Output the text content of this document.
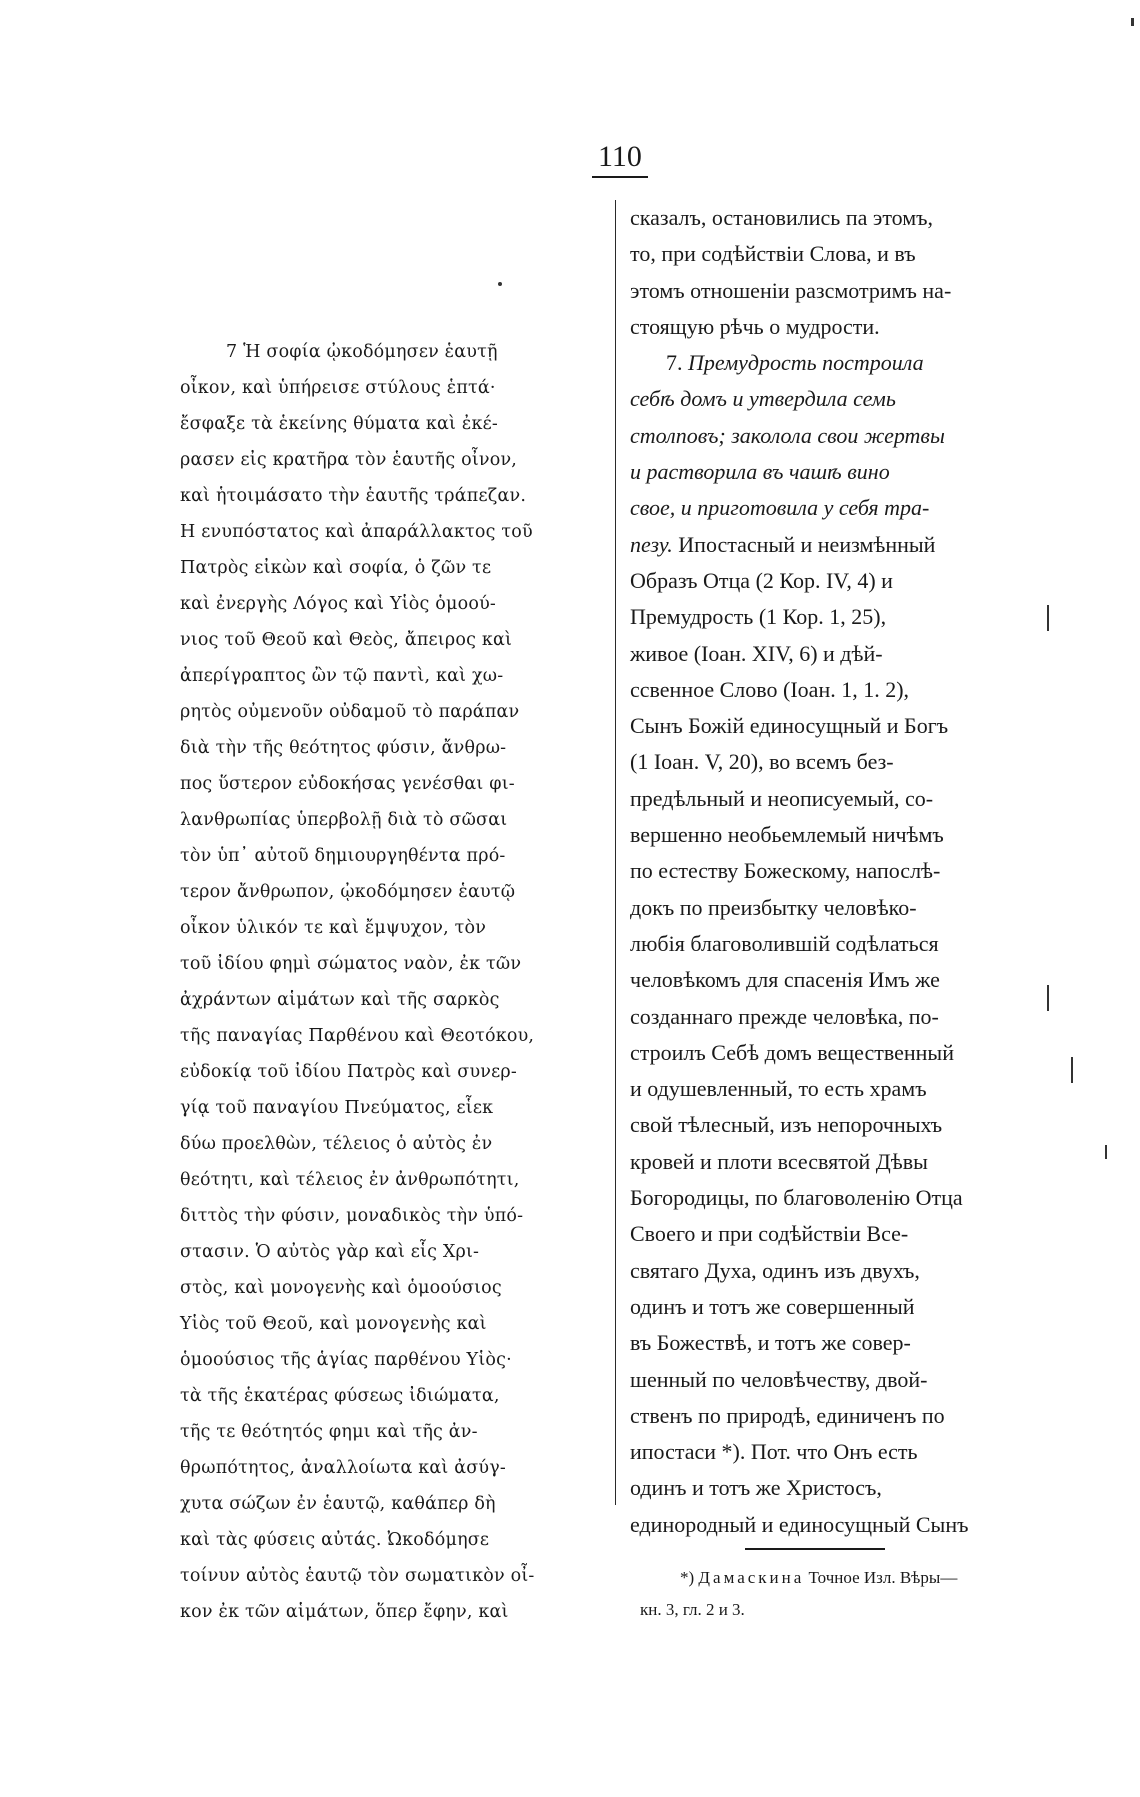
110
7 Ἡ σοφία ᾠκοδόμησεν ἑαυτῇ
οἶκον, καὶ ὑπήρεισε στύλους ἑπτά·
ἔσφαξε τὰ ἑκείνης θύματα καὶ ἐκέ-
ρασεν εἰς κρατῆρα τὸν ἑαυτῆς οἶνον,
καὶ ἡτοιμάσατο τὴν ἑαυτῆς τράπεζαν.
Η ενυπόστατος καὶ ἀπαράλλακτος τοῦ
Πατρὸς εἰκὼν καὶ σοφία, ὁ ζῶν τε
καὶ ἐνεργὴς Λόγος καὶ Υἱὸς ὁμοού-
νιος τοῦ Θεοῦ καὶ Θεὸς, ἄπειρος καὶ
ἀπερίγραπτος ὢν τῷ παντὶ, καὶ χω-
ρητὸς οὐμενοῦν οὐδαμοῦ τὸ παράπαν
διὰ τὴν τῆς θεότητος φύσιν, ἄνθρω-
πος ὕστερον εὐδοκήσας γενέσθαι φι-
λανθρωπίας ὑπερβολῇ διὰ τὸ σῶσαι
τὸν ὑπ᾽ αὐτοῦ δημιουργηθέντα πρό-
τερον ἄνθρωπον, ᾠκοδόμησεν ἑαυτῷ
οἶκον ὑλικόν τε καὶ ἔμψυχον, τὸν
τοῦ ἰδίου φημὶ σώματος ναὸν, ἐκ τῶν
ἀχράντων αἱμάτων καὶ τῆς σαρκὸς
τῆς παναγίας Παρθένου καὶ Θεοτόκου,
εὐδοκίᾳ τοῦ ἰδίου Πατρὸς καὶ συνερ-
γίᾳ τοῦ παναγίου Πνεύματος, εἷεκ
δύω προελθὼν, τέλειος ὁ αὐτὸς ἐν
θεότητι, καὶ τέλειος ἐν ἀνθρωπότητι,
διττὸς τὴν φύσιν, μοναδικὸς τὴν ὑπό-
στασιν. Ὁ αὐτὸς γὰρ καὶ εἷς Χρι-
στὸς, καὶ μονογενὴς καὶ ὁμοούσιος
Υἱὸς τοῦ Θεοῦ, καὶ μονογενὴς καὶ
ὁμοούσιος τῆς ἁγίας παρθένου Υἱὸς·
τὰ τῆς ἑκατέρας φύσεως ἰδιώματα,
τῆς τε θεότητός φημι καὶ τῆς ἀν-
θρωπότητος, ἀναλλοίωτα καὶ ἀσύγ-
χυτα σώζων ἐν ἑαυτῷ, καθάπερ δὴ
καὶ τὰς φύσεις αὐτάς. Ὠκοδόμησε
τοίνυν αὐτὸς ἑαυτῷ τὸν σωματικὸν οἶ-
κον ἐκ τῶν αἱμάτων, ὅπερ ἔφην, καὶ
сказалъ, остановились па этомъ,
то, при содѣйствіи Слова, и въ
этомъ отношеніи разсмотримъ на-
стоящую рѣчь о мудрости.
7. Премудрость построила
себѣ домъ и утвердила семь
столповъ; заколола свои жертвы
и растворила въ чашѣ вино
свое, и приготовила у себя тра-
пезу. Ипостасный и неизмѣнный
Образъ Отца (2 Кор. IV, 4) и
Премудрость (1 Кор. 1, 25),
живое (Іоан. XIV, 6) и дѣй-
ссвенное Слово (Іоан. 1, 1. 2),
Сынъ Божій единосущный и Богъ
(1 Іоан. V, 20), во всемъ без-
предѣльный и неописуемый, со-
вершенно необьемлемый ничѣмъ
по естеству Божескому, напослѣ-
докъ по преизбытку человѣко-
любія благоволившій содѣлаться
человѣкомъ для спасенія Имъ же
созданнаго прежде человѣка, по-
строилъ Себѣ домъ вещественный
и одушевленный, то есть храмъ
свой тѣлесный, изъ непорочныхъ
кровей и плоти всесвятой Дѣвы
Богородицы, по благоволенію Отца
Своего и при содѣйствіи Все-
святаго Духа, одинъ изъ двухъ,
одинъ и тотъ же совершенный
въ Божествѣ, и тотъ же совер-
шенный по человѣчеству, двой-
ственъ по природѣ, единиченъ по
ипостаси *). Пот. что Онъ есть
одинъ и тотъ же Христосъ,
единородный и единосущный Сынъ
*) Дамаскина Точное Изл. Вѣры—
кн. 3, гл. 2 и 3.
